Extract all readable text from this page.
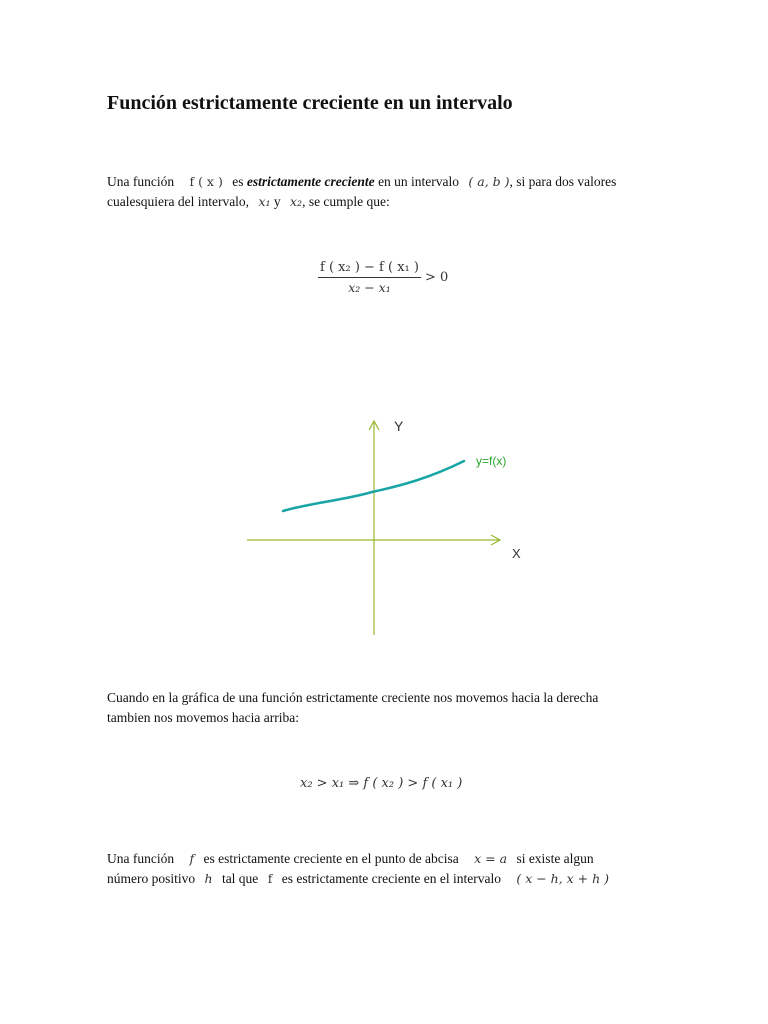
Función estrictamente creciente en un intervalo
Una función f ( x ) es estrictamente creciente en un intervalo ( a, b ), si para dos valores
cualesquiera del intervalo, x₁ y x₂, se cumple que:
$\frac{\text{f ( x₂ ) − f ( x₁ )}}{\text{x₂ − x₁}} > 0$
Y
X
y=f(x)
Cuando en la gráfica de una función estrictamente creciente nos movemos hacia la derecha
tambien nos movemos hacia arriba:
x₂ > x₁ ⇒ f ( x₂ ) > f ( x₁ )
Una función f es estrictamente creciente en el punto de abcisa x = a si existe algun
número positivo h tal que f es estrictamente creciente en el intervalo ( x − h, x + h )
